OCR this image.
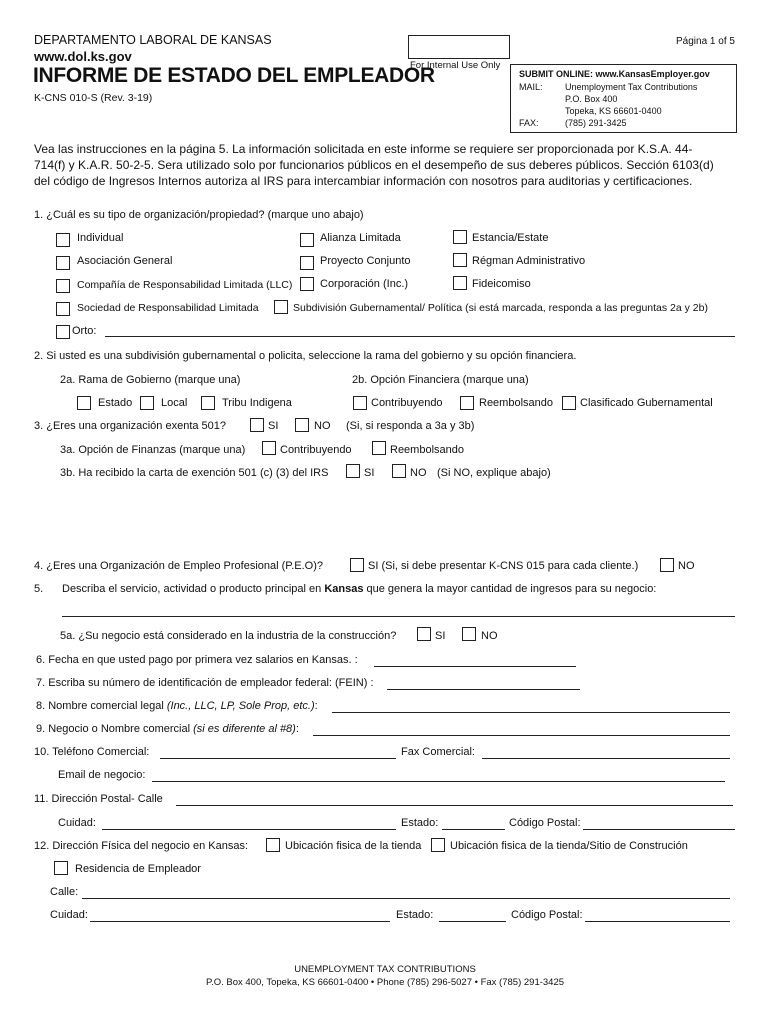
DEPARTAMENTO LABORAL DE KANSAS
www.dol.ks.gov
INFORME DE ESTADO DEL EMPLEADOR
K-CNS 010-S (Rev. 3-19)
Página 1 of 5
For Internal Use Only
SUBMIT ONLINE: www.KansasEmployer.gov
MAIL: Unemployment Tax Contributions
P.O. Box 400
Topeka, KS 66601-0400
FAX:	(785) 291-3425
Vea las instrucciones en la página 5. La información solicitada en este informe se requiere ser proporcionada por K.S.A. 44-
714(f) y K.A.R. 50-2-5. Sera utilizado solo por funcionarios públicos en el desempeño de sus deberes públicos. Sección 6103(d)
del código de Ingresos Internos autoriza al IRS para intercambiar información con nosotros para auditorias y certificaciones.
1. ¿Cuál es su tipo de organización/propiedad? (marque uno abajo)
Individual	Alianza Limitada	Estancia/Estate
Asociación General	Proyecto Conjunto	Régman Administrativo
Compañía de Responsabilidad Limitada (LLC)	Corporación (Inc.)	Fideicomiso
Sociedad de Responsabilidad Limitada	Subdivisión Gubernamental/ Política (si está marcada, responda a las preguntas 2a y 2b)
Orto:
2. Si usted es una subdivisión gubernamental o policita, seleccione la rama del gobierno y su opción financiera.
2a. Rama de Gobierno (marque una)	2b. Opción Financiera (marque una)
Estado	Local	Tribu Indigena	Contribuyendo	Reembolsando Clasificado Gubernamental
3. ¿Eres una organización exenta 501?	SI	NO (Si, si responda a 3a y 3b)
3a. Opción de Finanzas (marque una)	Contribuyendo	Reembolsando
3b. Ha recibido la carta de exención 501 (c) (3) del IRS	SI	NO (Si NO, explique abajo)
4. ¿Eres una Organización de Empleo Profesional (P.E.O)?	SI (Si, si debe presentar K-CNS 015 para cada cliente.)	NO
5. Describa el servicio, actividad o producto principal en Kansas que genera la mayor cantidad de ingresos para su negocio:
5a. ¿Su negocio está considerado en la industria de la construcción?	SI	NO
6. Fecha en que usted pago por primera vez salarios en Kansas. :
7. Escriba su número de identificación de empleador federal: (FEIN) :
8. Nombre comercial legal (Inc., LLC, LP, Sole Prop, etc.):
9. Negocio o Nombre comercial (si es diferente al #8):
10. Teléfono Comercial:	Fax Comercial:
Email de negocio:
11. Dirección Postal- Calle
Cuidad:	Estado:	Código Postal:
12. Dirección Física del negocio en Kansas:	Ubicación fisica de la tienda	Ubicación fisica de la tienda/Sitio de Construción
Residencia de Empleador
Calle:
Cuidad:	Estado:	Código Postal:
UNEMPLOYMENT TAX CONTRIBUTIONS
P.O. Box 400, Topeka, KS 66601-0400 • Phone (785) 296-5027 • Fax (785) 291-3425
